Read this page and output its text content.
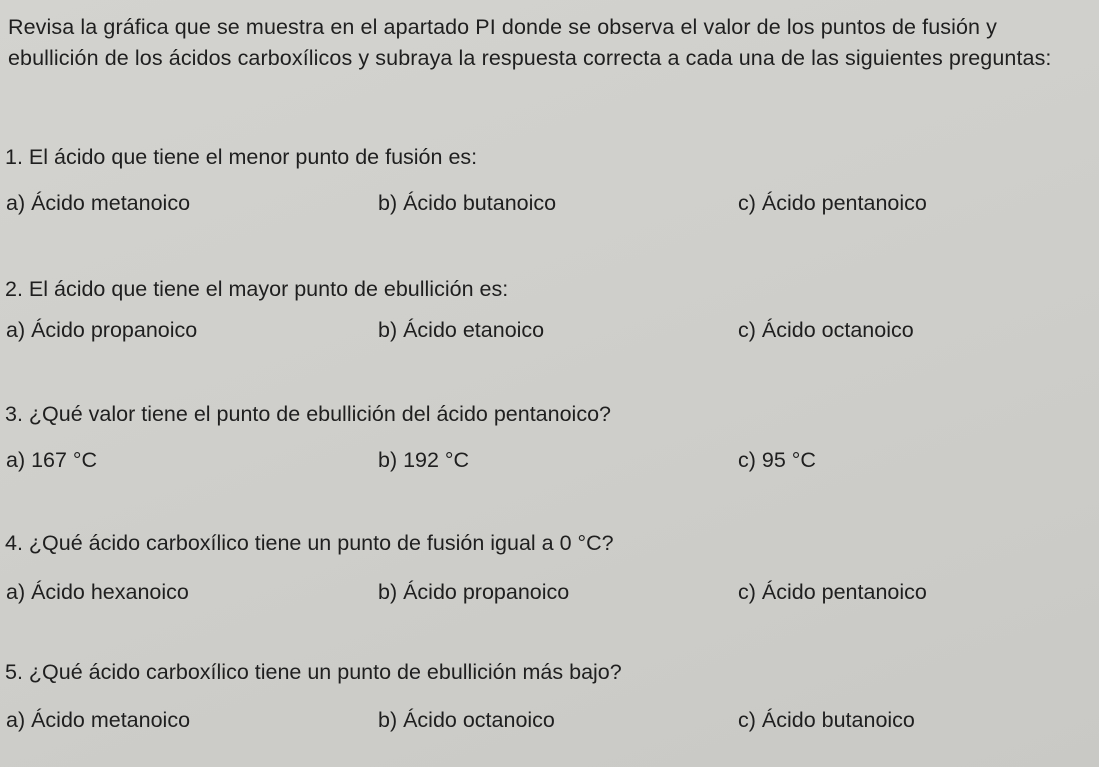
Revisa la gráfica que se muestra en el apartado PI donde se observa el valor de los puntos de fusión y ebullición de los ácidos carboxílicos y subraya la respuesta correcta a cada una de las siguientes preguntas:
1. El ácido que tiene el menor punto de fusión es:
a) Ácido metanoico	b) Ácido butanoico	c) Ácido pentanoico
2. El ácido que tiene el mayor punto de ebullición es:
a) Ácido propanoico	b) Ácido etanoico	c) Ácido octanoico
3. ¿Qué valor tiene el punto de ebullición del ácido pentanoico?
a) 167 °C	b) 192 °C	c) 95 °C
4. ¿Qué ácido carboxílico tiene un punto de fusión igual a 0 °C?
a) Ácido hexanoico	b) Ácido propanoico	c) Ácido pentanoico
5. ¿Qué ácido carboxílico tiene un punto de ebullición más bajo?
a) Ácido metanoico	b) Ácido octanoico	c) Ácido butanoico
